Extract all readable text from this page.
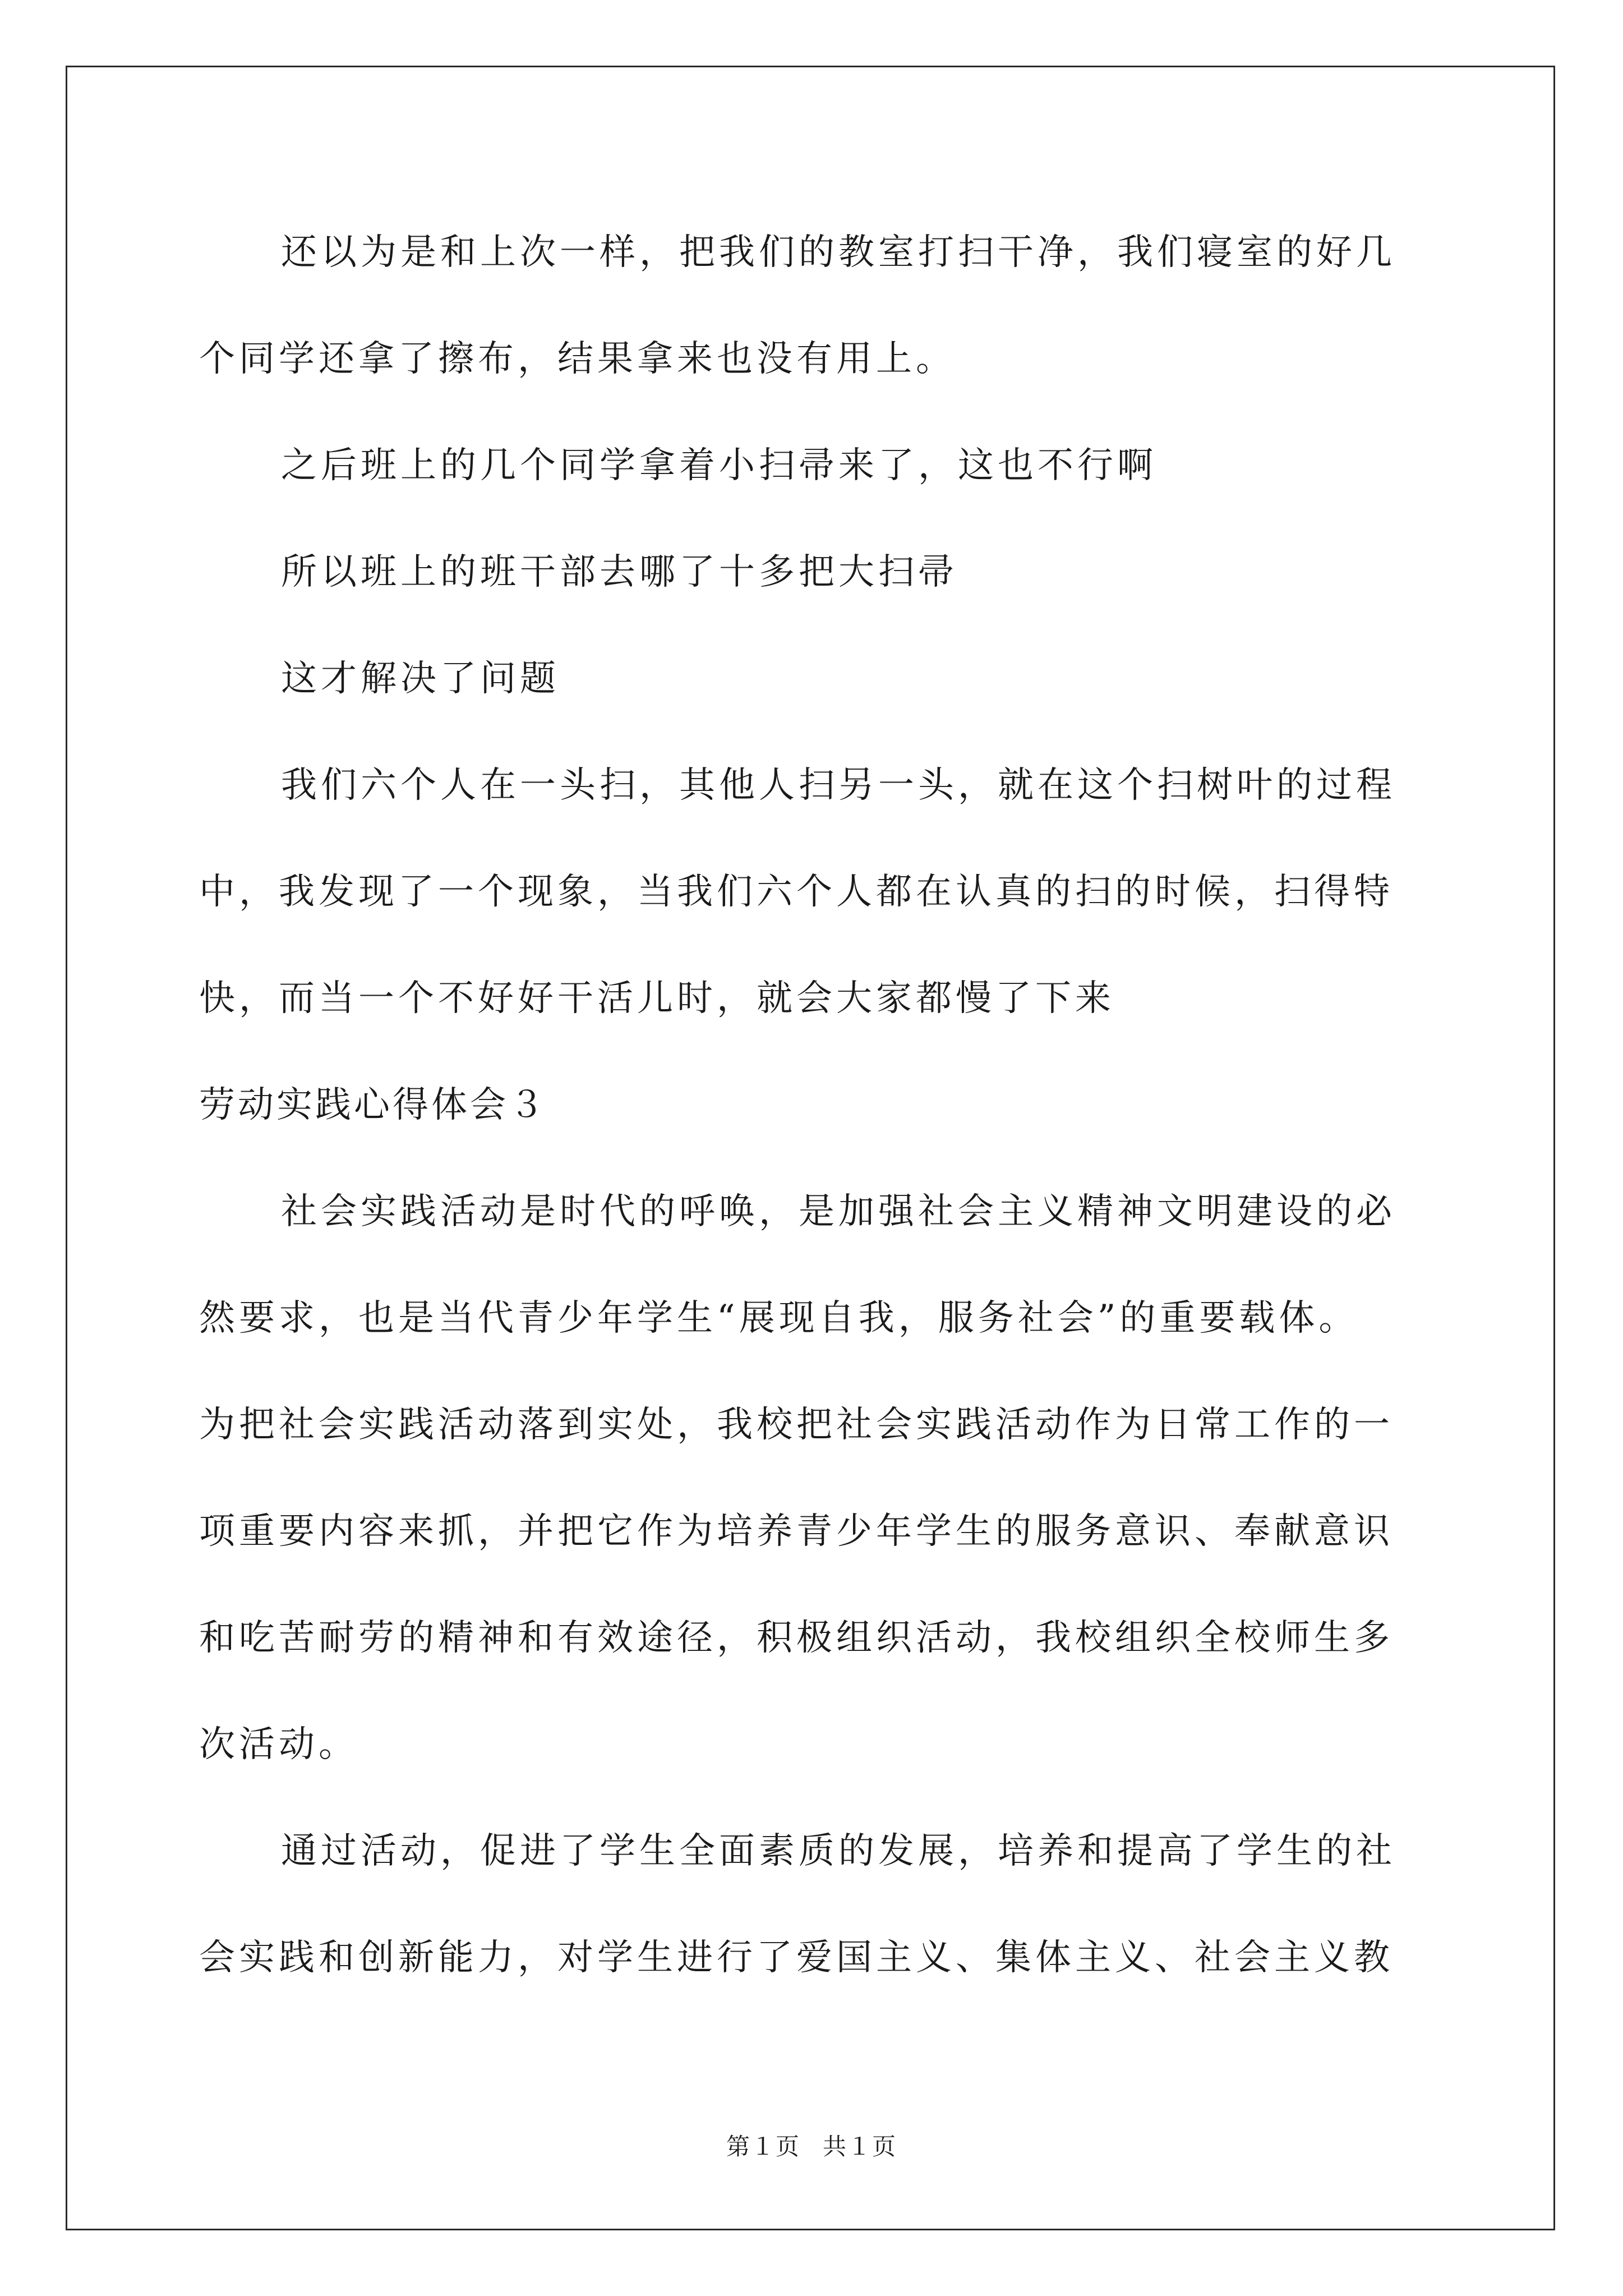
还以为是和上次一样，把我们的教室打扫干净，我们寝室的好几
个同学还拿了擦布，结果拿来也没有用上。
之后班上的几个同学拿着小扫帚来了，这也不行啊
所以班上的班干部去哪了十多把大扫帚
这才解决了问题
我们六个人在一头扫，其他人扫另一头，就在这个扫树叶的过程
中，我发现了一个现象，当我们六个人都在认真的扫的时候，扫得特
快，而当一个不好好干活儿时，就会大家都慢了下来
劳动实践心得体会３
社会实践活动是时代的呼唤，是加强社会主义精神文明建设的必
然要求，也是当代青少年学生“展现自我，服务社会”的重要载体。
为把社会实践活动落到实处，我校把社会实践活动作为日常工作的一
项重要内容来抓，并把它作为培养青少年学生的服务意识、奉献意识
和吃苦耐劳的精神和有效途径，积极组织活动，我校组织全校师生多
次活动。
通过活动，促进了学生全面素质的发展，培养和提高了学生的社
会实践和创新能力，对学生进行了爱国主义、集体主义、社会主义教
第１页 共１页
